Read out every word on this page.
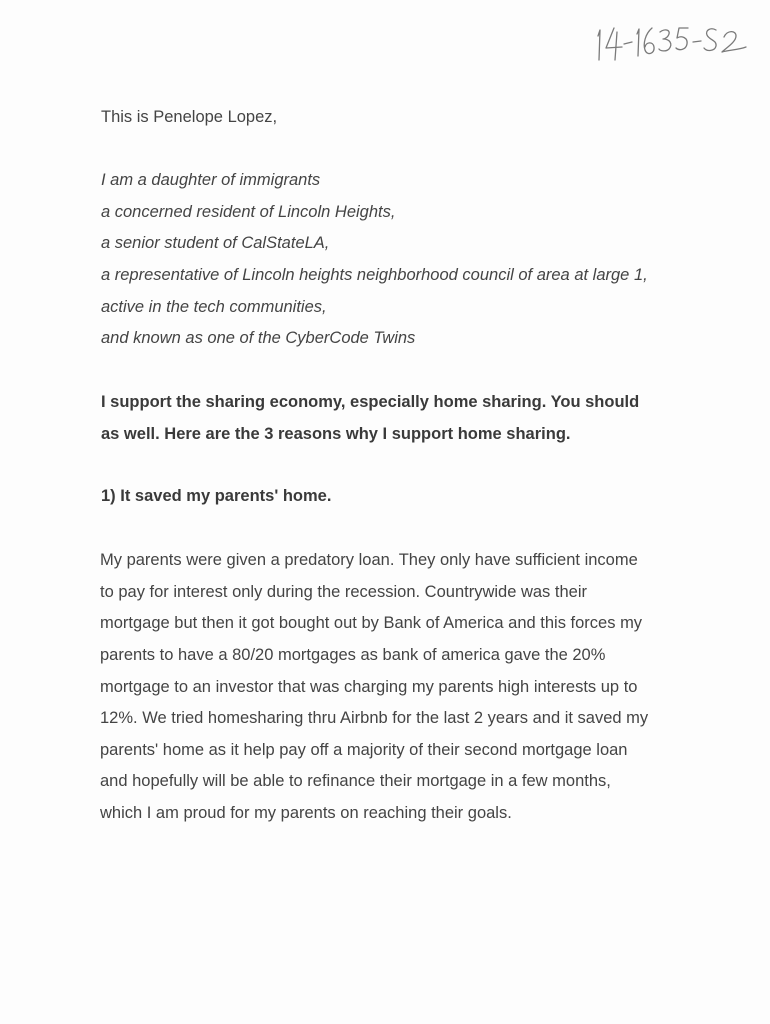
This is Penelope Lopez,
I am a daughter of immigrants
a concerned resident of Lincoln Heights,
a senior student of CalStateLA,
a representative of Lincoln heights neighborhood council of area at large 1,
active in the tech communities,
and known as one of the CyberCode Twins
I support the sharing economy, especially home sharing. You should
as well. Here are the 3 reasons why I support home sharing.
1) It saved my parents' home.
My parents were given a predatory loan. They only have sufficient income
to pay for interest only during the recession. Countrywide was their
mortgage but then it got bought out by Bank of America and this forces my
parents to have a 80/20 mortgages as bank of america gave the 20%
mortgage to an investor that was charging my parents high interests up to
12%. We tried homesharing thru Airbnb for the last 2 years and it saved my
parents' home as it help pay off a majority of their second mortgage loan
and hopefully will be able to refinance their mortgage in a few months,
which I am proud for my parents on reaching their goals.
